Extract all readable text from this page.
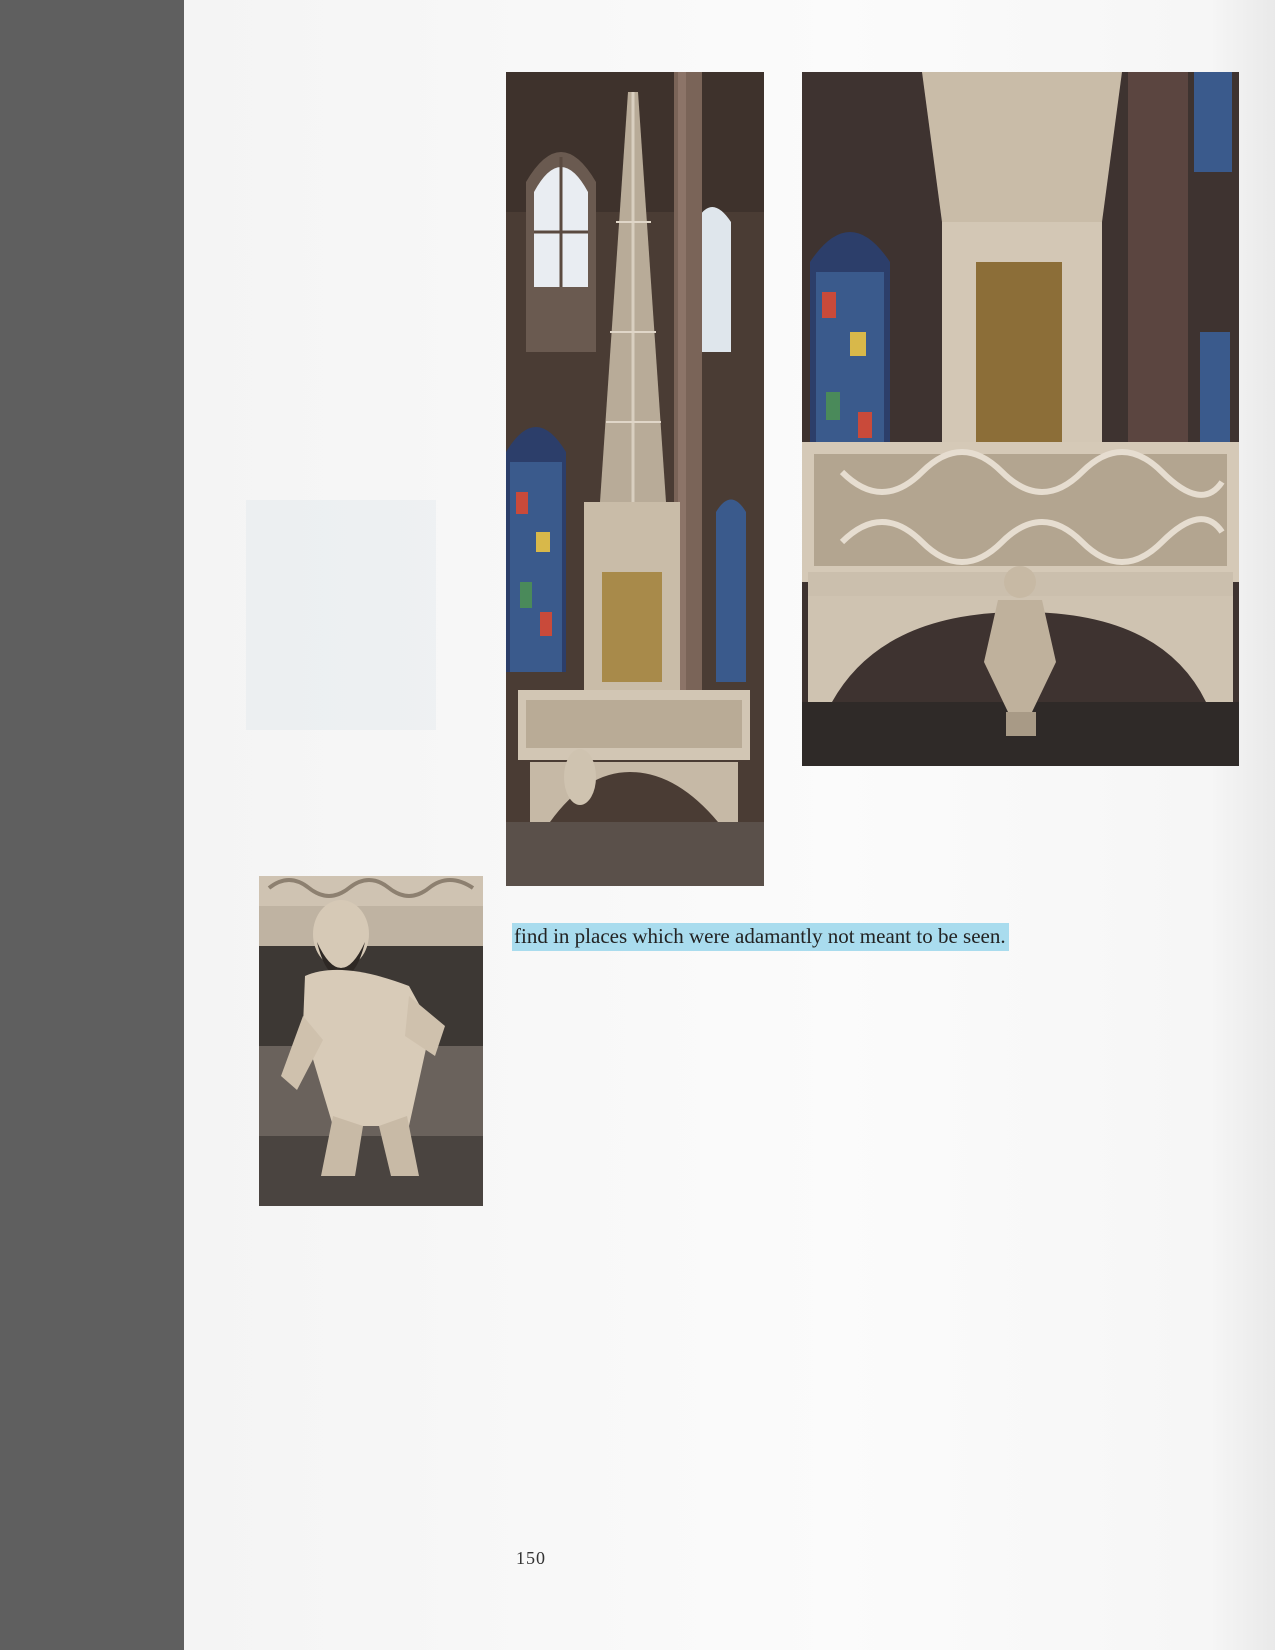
find in places which were adamantly not meant to be seen.
150
